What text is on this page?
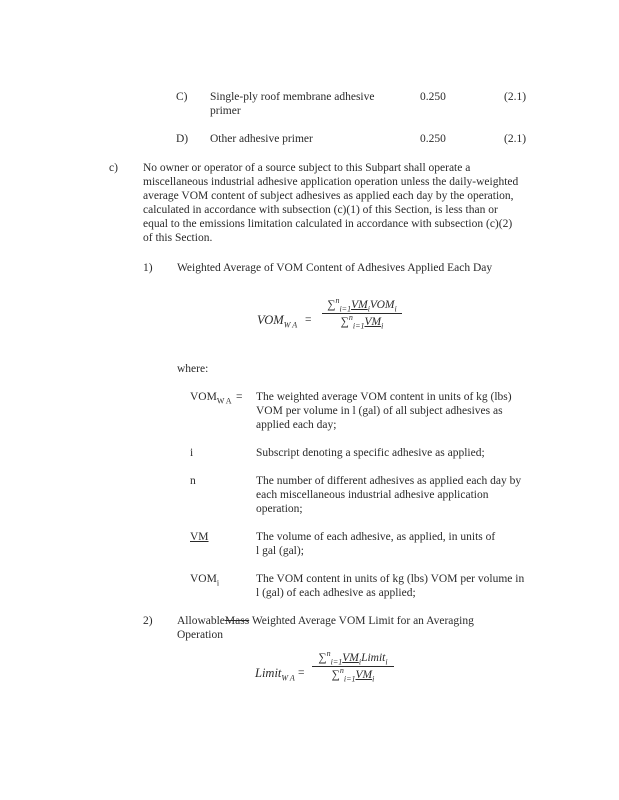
C) Single-ply roof membrane adhesive
primer
0.250	(2.1)
D) Other adhesive primer	0.250	(2.1)
c) No owner or operator of a source subject to this Subpart shall operate a
miscellaneous industrial adhesive application operation unless the daily-weighted
average VOM content of subject adhesives as applied each day by the operation,
calculated in accordance with subsection (c)(1) of this Section, is less than or
equal to the emissions limitation calculated in accordance with subsection (c)(2)
of this Section.
1) Weighted Average of VOM Content of Adhesives Applied Each Day
$VOM_{W A}$ =
$\sum^n_{i=1}VM_iVOM_i$
$\sum^n_{i=1}VM_i$
where:
$VOM_{W A}$ = The weighted average VOM content in units of kg (lbs)
VOM per volume in l (gal) of all subject adhesives as
applied each day;
i	Subscript denoting a specific adhesive as applied;
n	The number of different adhesives as applied each day by
each miscellaneous industrial adhesive application
operation;
VM	The volume of each adhesive, as applied, in units of
l gal (gal);
$VOM_i$	The VOM content in units of kg (lbs) VOM per volume in
l (gal) of each adhesive as applied;
2) AllowableMass Weighted Average VOM Limit for an Averaging
Operation
Limit$_{W A}$ =
$\sum^n_{i=1}VM_iLimit_i$
$\sum^n_{i=1}VM_i$
